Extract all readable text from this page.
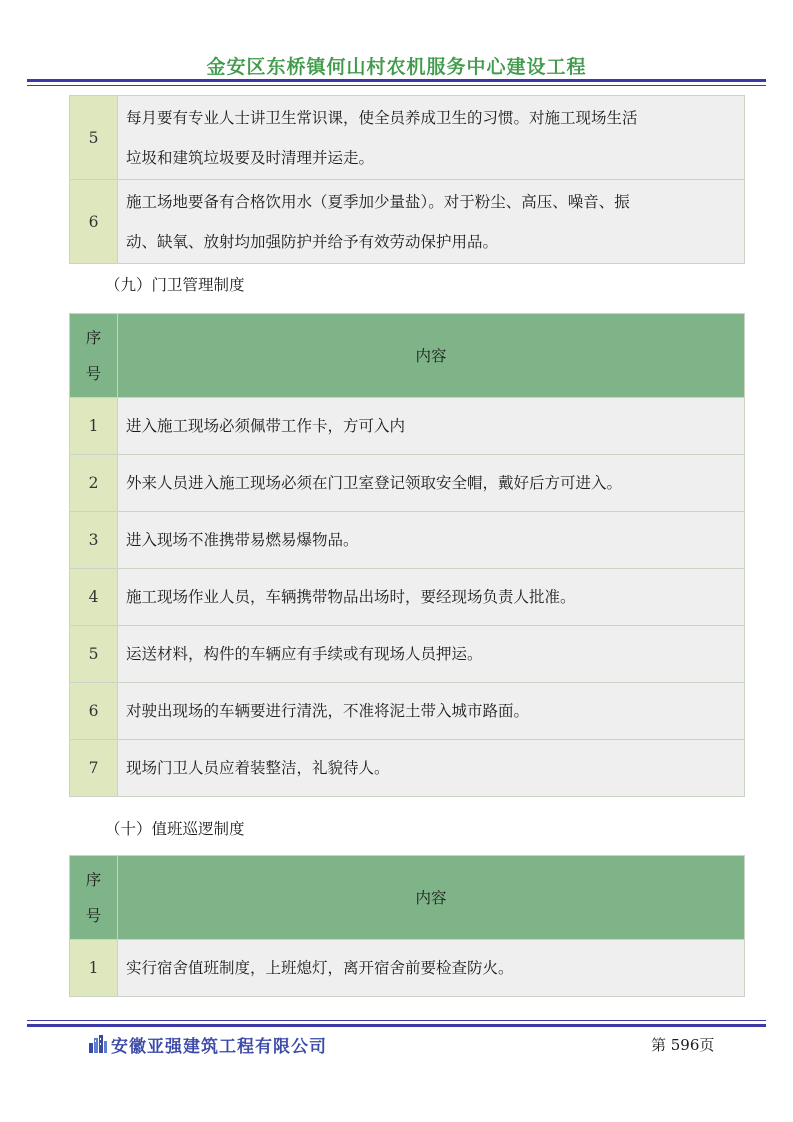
金安区东桥镇何山村农机服务中心建设工程
5	每月要有专业人士讲卫生常识课，使全员养成卫生的习惯。对施工现场生活
垃圾和建筑垃圾要及时清理并运走。

6	施工场地要备有合格饮用水（夏季加少量盐）。对于粉尘、高压、噪音、振
动、缺氧、放射均加强防护并给予有效劳动保护用品。
（九）门卫管理制度
序
号	内容
1	进入施工现场必须佩带工作卡，方可入内
2	外来人员进入施工现场必须在门卫室登记领取安全帽，戴好后方可进入。
3	进入现场不准携带易燃易爆物品。
4	施工现场作业人员，车辆携带物品出场时，要经现场负责人批准。
5	运送材料，构件的车辆应有手续或有现场人员押运。
6	对驶出现场的车辆要进行清洗，不准将泥土带入城市路面。
7	现场门卫人员应着装整洁，礼貌待人。
（十）值班巡逻制度
序
号	内容
1	实行宿舍值班制度，上班熄灯，离开宿舍前要检查防火。
安徽亚强建筑工程有限公司	第 596页
